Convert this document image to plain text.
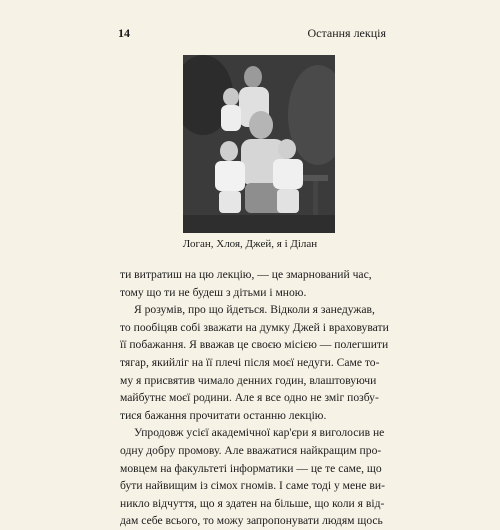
14	Остання лекція
Логан, Хлоя, Джей, я і Ділан
ти витратиш на цю лекцію, — це змарнований час,
тому що ти не будеш з дітьми і мною.
Я розумів, про що йдеться. Відколи я занедужав,
то пообіцяв собі зважати на думку Джей і враховувати
її побажання. Я вважав це своєю місією — полегшити
тягар, якийліг на її плечі після моєї недуги. Саме то-
му я присвятив чимало денних годин, влаштовуючи
майбутнє моєї родини. Але я все одно не зміг позбу-
тися бажання прочитати останню лекцію.
Упродовж усієї академічної кар'єри я виголосив не
одну добру промову. Але вважатися найкращим про-
мовцем на факультеті інформатики — це те саме, що
бути найвищим із сімох гномів. І саме тоді у мене ви-
никло відчуття, що я здатен на більше, що коли я від-
дам себе всього, то можу запропонувати людям щось
